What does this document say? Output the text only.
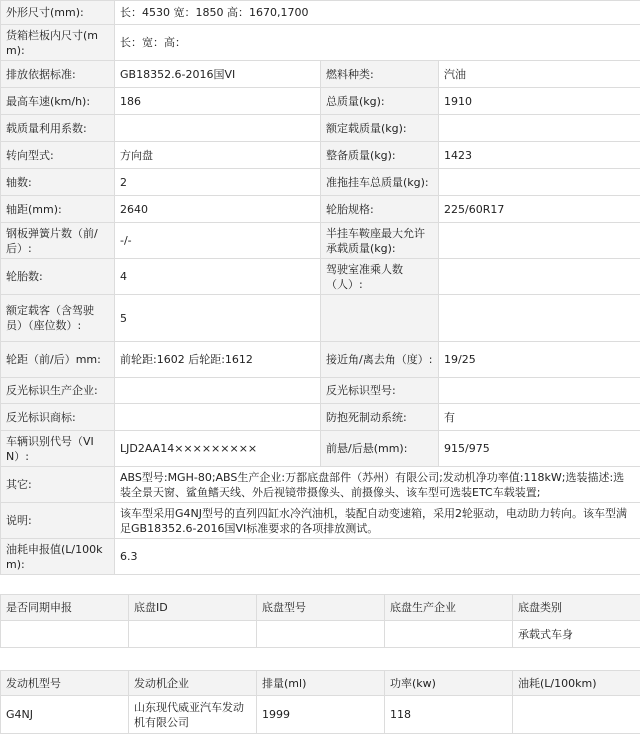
外形尺寸(mm):	长：4530 宽：1850 高：1670,1700		
货箱栏板内尺寸(mm):	长：宽：高：		
排放依据标准:	GB18352.6-2016国VI	燃料种类:	汽油
最高车速(km/h):	186	总质量(kg):	1910
载质量利用系数:		额定载质量(kg):	
转向型式:	方向盘	整备质量(kg):	1423
轴数:	2	准拖挂车总质量(kg):	
轴距(mm):	2640	轮胎规格:	225/60R17
钢板弹簧片数（前/后）:	-/-	半挂车鞍座最大允许承载质量(kg):	
轮胎数:	4	驾驶室准乘人数（人）:	
额定载客（含驾驶员）（座位数）:	5		
轮距（前/后）mm:	前轮距:1602 后轮距:1612	接近角/离去角（度）:	19/25
反光标识生产企业:		反光标识型号:	
反光标识商标:		防抱死制动系统:	有
车辆识别代号（VIN）:	LJD2AA14×××××××××	前悬/后悬(mm):	915/975
其它:	ABS型号:MGH-80;ABS生产企业:万都底盘部件（苏州）有限公司;发动机净功率值:118kW;选装描述:选装全景天窗、鲨鱼鳍天线、外后视镜带摄像头、前摄像头、该车型可选装ETC车载装置;		
说明:	该车型采用G4NJ型号的直列四缸水冷汽油机，装配自动变速箱，采用2轮驱动，电动助力转向。该车型满足GB18352.6-2016国VI标准要求的各项排放测试。		
油耗申报值(L/100km):	6.3		
是否同期申报	底盘ID	底盘型号	底盘生产企业	底盘类别
				承载式车身
发动机型号	发动机企业	排量(ml)	功率(kw)	油耗(L/100km)
G4NJ	山东现代威亚汽车发动机有限公司	1999	118	
